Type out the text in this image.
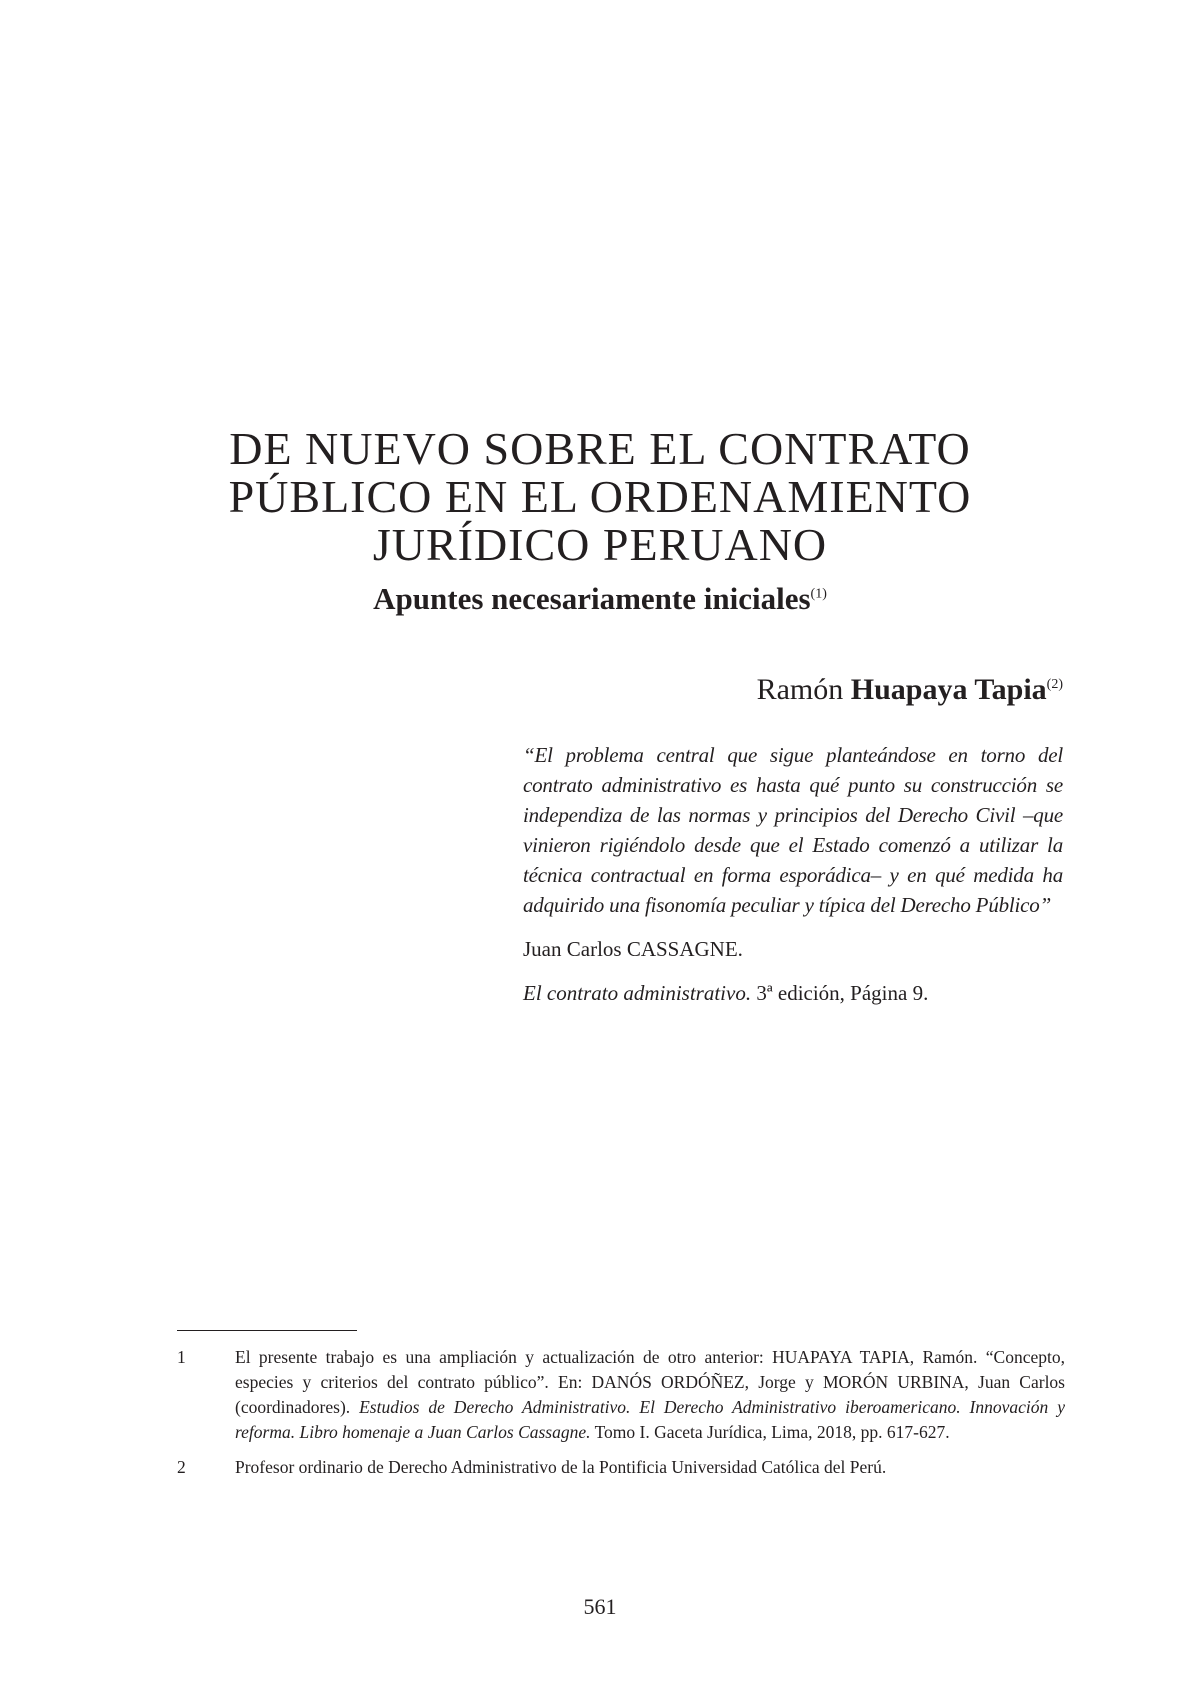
DE NUEVO SOBRE EL CONTRATO
PÚBLICO EN EL ORDENAMIENTO
JURÍDICO PERUANO
Apuntes necesariamente iniciales$^{(1)}$
Ramón Huapaya Tapia$^{(2)}$

“El problema central que sigue planteándose en torno del contrato administrativo es hasta qué punto su construcción se independiza de las normas y principios del Derecho Civil –que vinieron rigiéndolo desde que el Estado comenzó a utilizar la técnica contractual en forma esporádica– y en qué medida ha adquirido una fisonomía peculiar y típica del Derecho Público”

Juan Carlos CASSAGNE.
El contrato administrativo. 3ª edición, Página 9.
1	El presente trabajo es una ampliación y actualización de otro anterior: HUAPAYA TAPIA, Ramón. “Concepto, especies y criterios del contrato público”. En: DANÓS ORDÓÑEZ, Jorge y MORÓN URBINA, Juan Carlos (coordinadores). Estudios de Derecho Administrativo. El Derecho Administrativo iberoamericano. Innovación y reforma. Libro homenaje a Juan Carlos Cassagne. Tomo I. Gaceta Jurídica, Lima, 2018, pp. 617-627.
2	Profesor ordinario de Derecho Administrativo de la Pontificia Universidad Católica del Perú.
561
